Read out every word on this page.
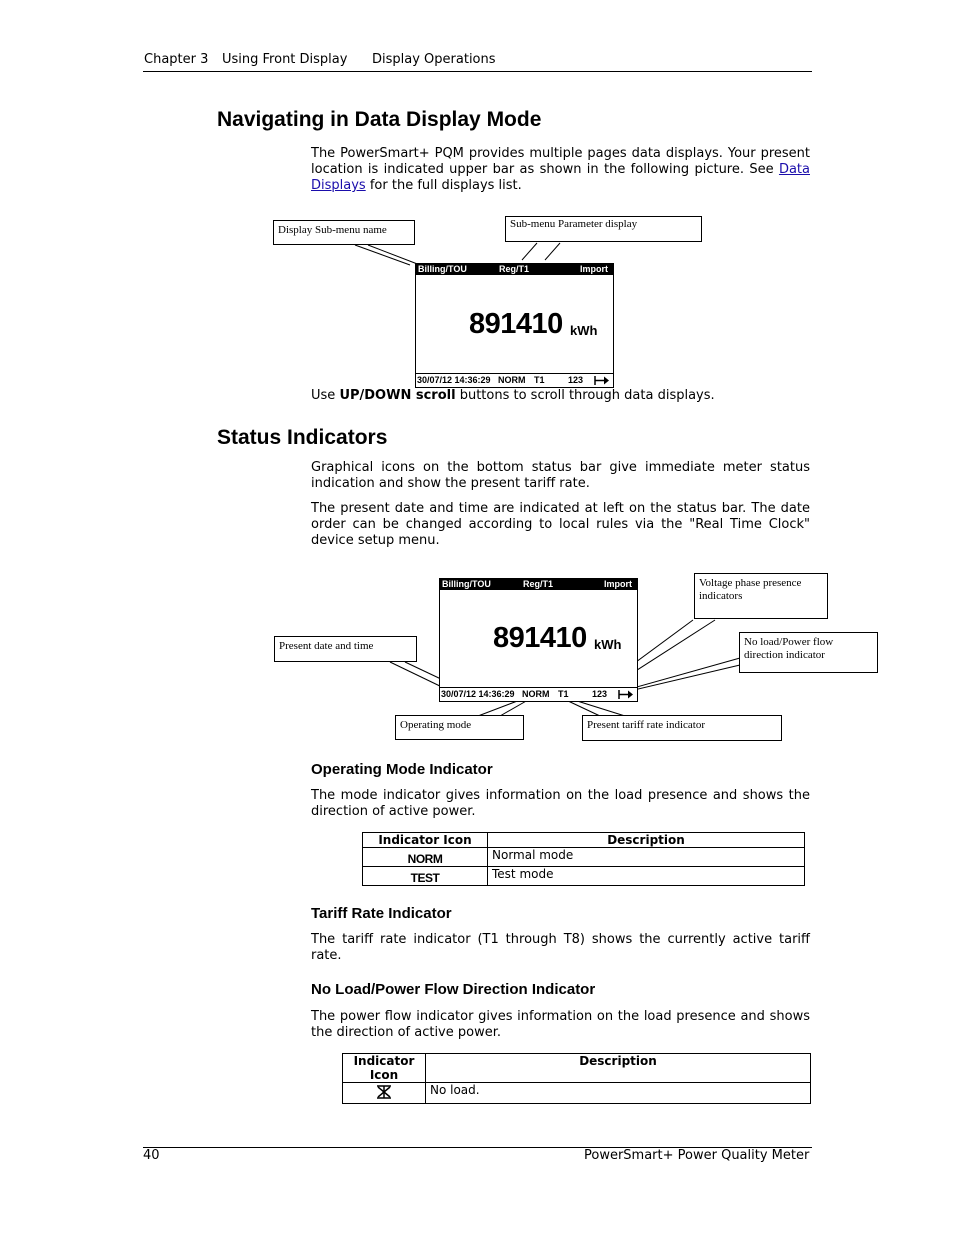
Chapter 3 Using Front Display Display Operations
Navigating in Data Display Mode

The PowerSmart+ PQM provides multiple pages data displays. Your present location is indicated upper bar as shown in the following picture. See Data Displays for the full displays list.

Display Sub-menu name	Sub-menu Parameter display
Billing/TOU	Reg/T1	Import
891410 kWh
30/07/12 14:36:29 NORM T1	123

Use UP/DOWN scroll buttons to scroll through data displays.

Status Indicators

Graphical icons on the bottom status bar give immediate meter status indication and show the present tariff rate.

The present date and time are indicated at left on the status bar. The date order can be changed according to local rules via the "Real Time Clock" device setup menu.

Billing/TOU	Reg/T1	Import
891410 kWh
30/07/12 14:36:29 NORM T1	123
Voltage phase presence indicators
No load/Power flow direction indicator
Present date and time
Operating mode	Present tariff rate indicator
Operating Mode Indicator

The mode indicator gives information on the load presence and shows the direction of active power.

Indicator Icon	Description
NORM	Normal mode
TEST	Test mode
Tariff Rate Indicator

The tariff rate indicator (T1 through T8) shows the currently active tariff rate.

No Load/Power Flow Direction Indicator

The power flow indicator gives information on the load presence and shows the direction of active power.

Indicator Icon	Description
	No load.
40	PowerSmart+ Power Quality Meter
